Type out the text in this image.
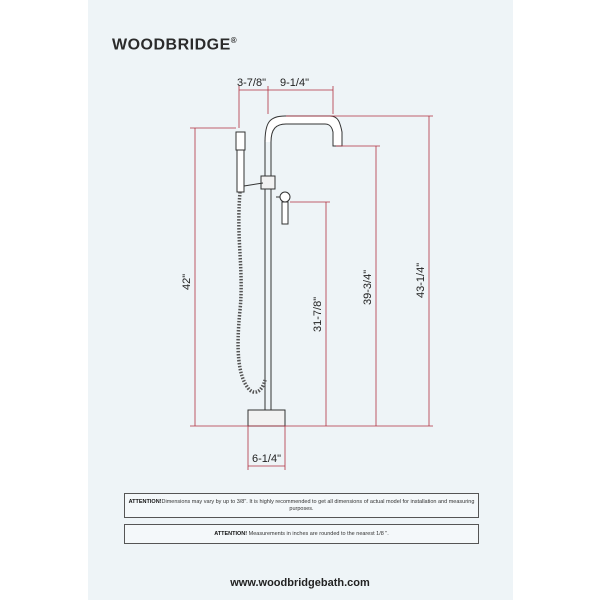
WOODBRIDGE®
3-7/8" 9-1/4"
42"
31-7/8"
39-3/4"	43-1/4"
6-1/4"
ATTENTION!Dimensions may vary by up to 3/8". It is highly recommended to get all dimensions of actual model for installation and measuring purposes.
ATTENTION! Measurements in inches are rounded to the nearest 1/8 ".
www.woodbridgebath.com
